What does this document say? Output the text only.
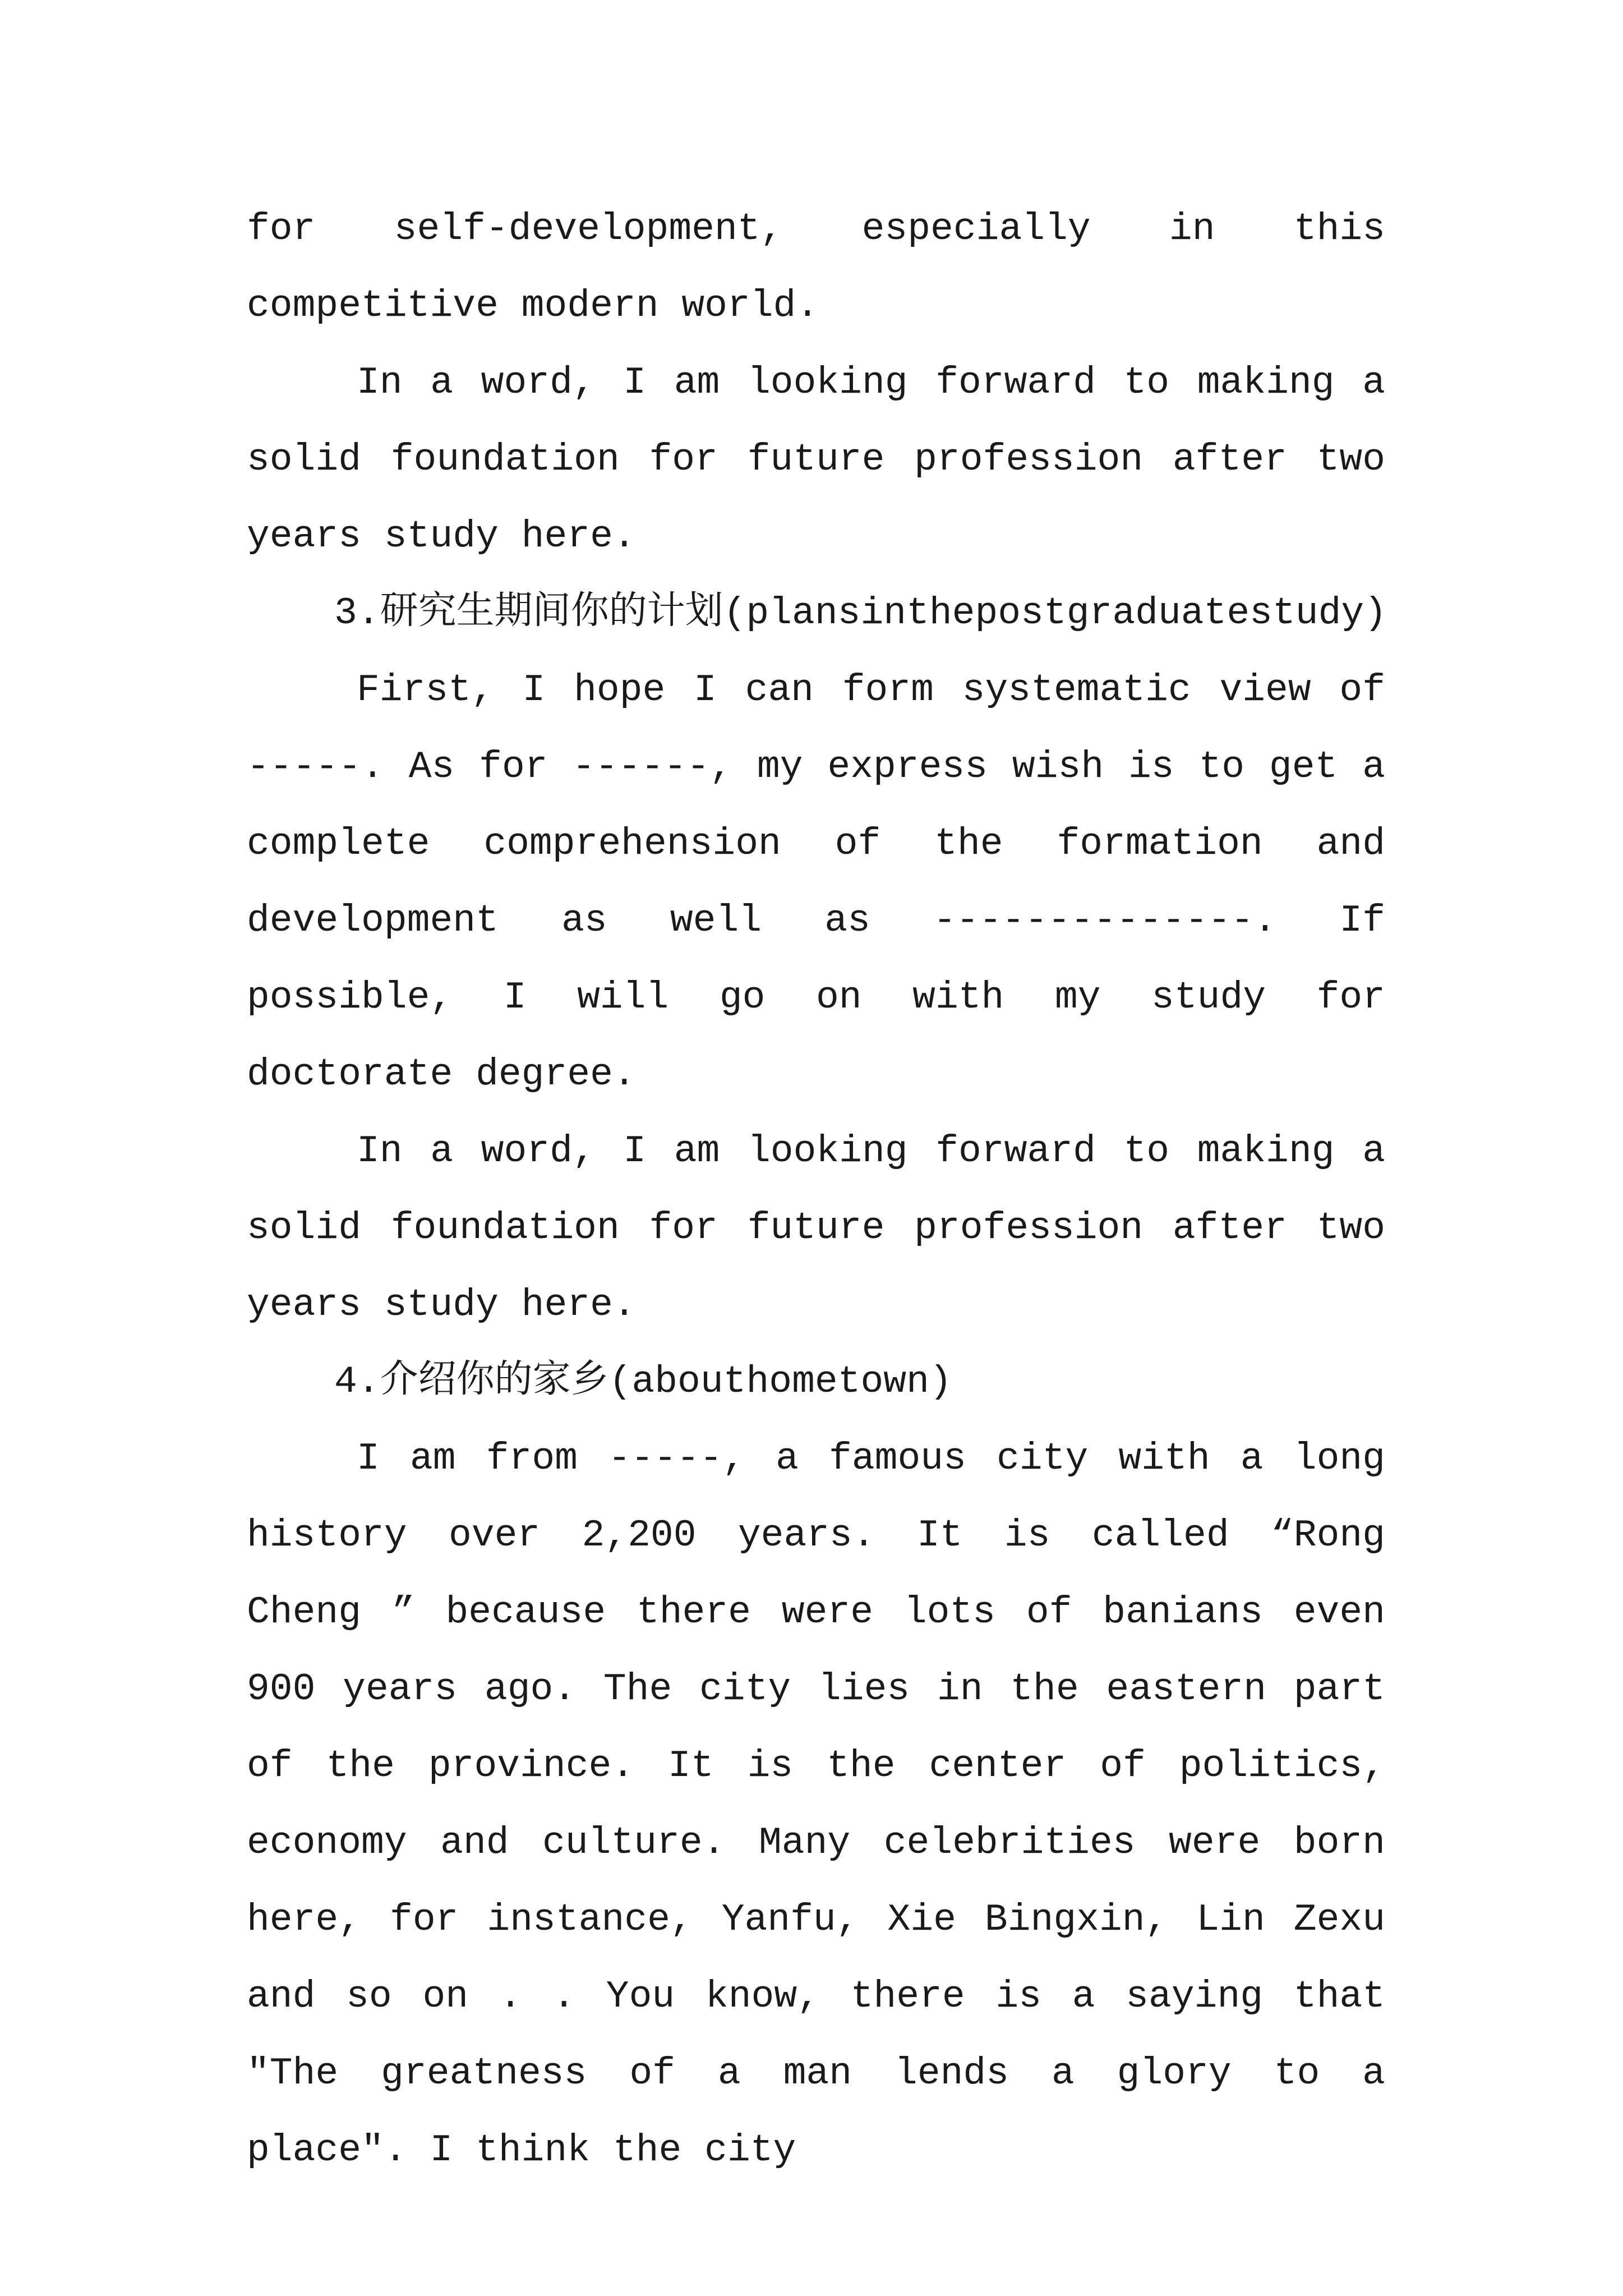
for self-development, especially in this competitive modern world.

In a word, I am looking forward to making a solid foundation for future profession after two years study here.

3.研究生期间你的计划(plansinthepostgraduatestudy)

First, I hope I can form systematic view of -----. As for ------, my express wish is to get a complete comprehension of the formation and development as well as --------------. If possible, I will go on with my study for doctorate degree.

In a word, I am looking forward to making a solid foundation for future profession after two years study here.

4.介绍你的家乡(abouthometown)

I am from -----, a famous city with a long history over 2,200 years. It is called “Rong Cheng ” because there were lots of banians even 900 years ago. The city lies in the eastern part of the province. It is the center of politics, economy and culture. Many celebrities were born here, for instance, Yanfu, Xie Bingxin, Lin Zexu and so on . . You know, there is a saying that "The greatness of a man lends a glory to a place". I think the city
